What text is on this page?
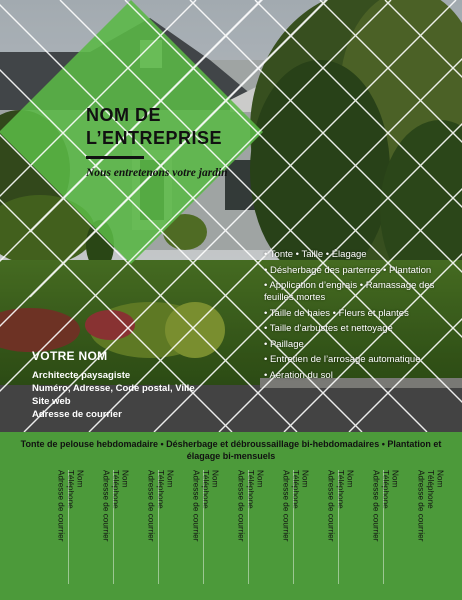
NOM DE L’ENTREPRISE
Nous entretenons votre jardin
• Tonte • Taille • Élagage
• Désherbage des parterres • Plantation
• Application d’engrais • Ramassage des feuilles mortes
• Taille de haies • Fleurs et plantes
• Taille d’arbustes et nettoyage
• Paillage
• Entretien de l’arrosage automatique
• Aération du sol
VOTRE NOM
Architecte paysagiste
Numéro, Adresse, Code postal, Ville
Site web
Adresse de courrier
Tonte de pelouse hebdomadaire • Désherbage et débroussaillage bi-hebdomadaires • Plantation et élagage bi-mensuels
Nom
Téléphone
Adresse de courrier	Nom
Téléphone
Adresse de courrier	Nom
Téléphone
Adresse de courrier	Nom
Téléphone
Adresse de courrier	Nom
Téléphone
Adresse de courrier	Nom
Téléphone
Adresse de courrier	Nom
Téléphone
Adresse de courrier	Nom
Téléphone
Adresse de courrier	Nom
Téléphone
Adresse de courrier
